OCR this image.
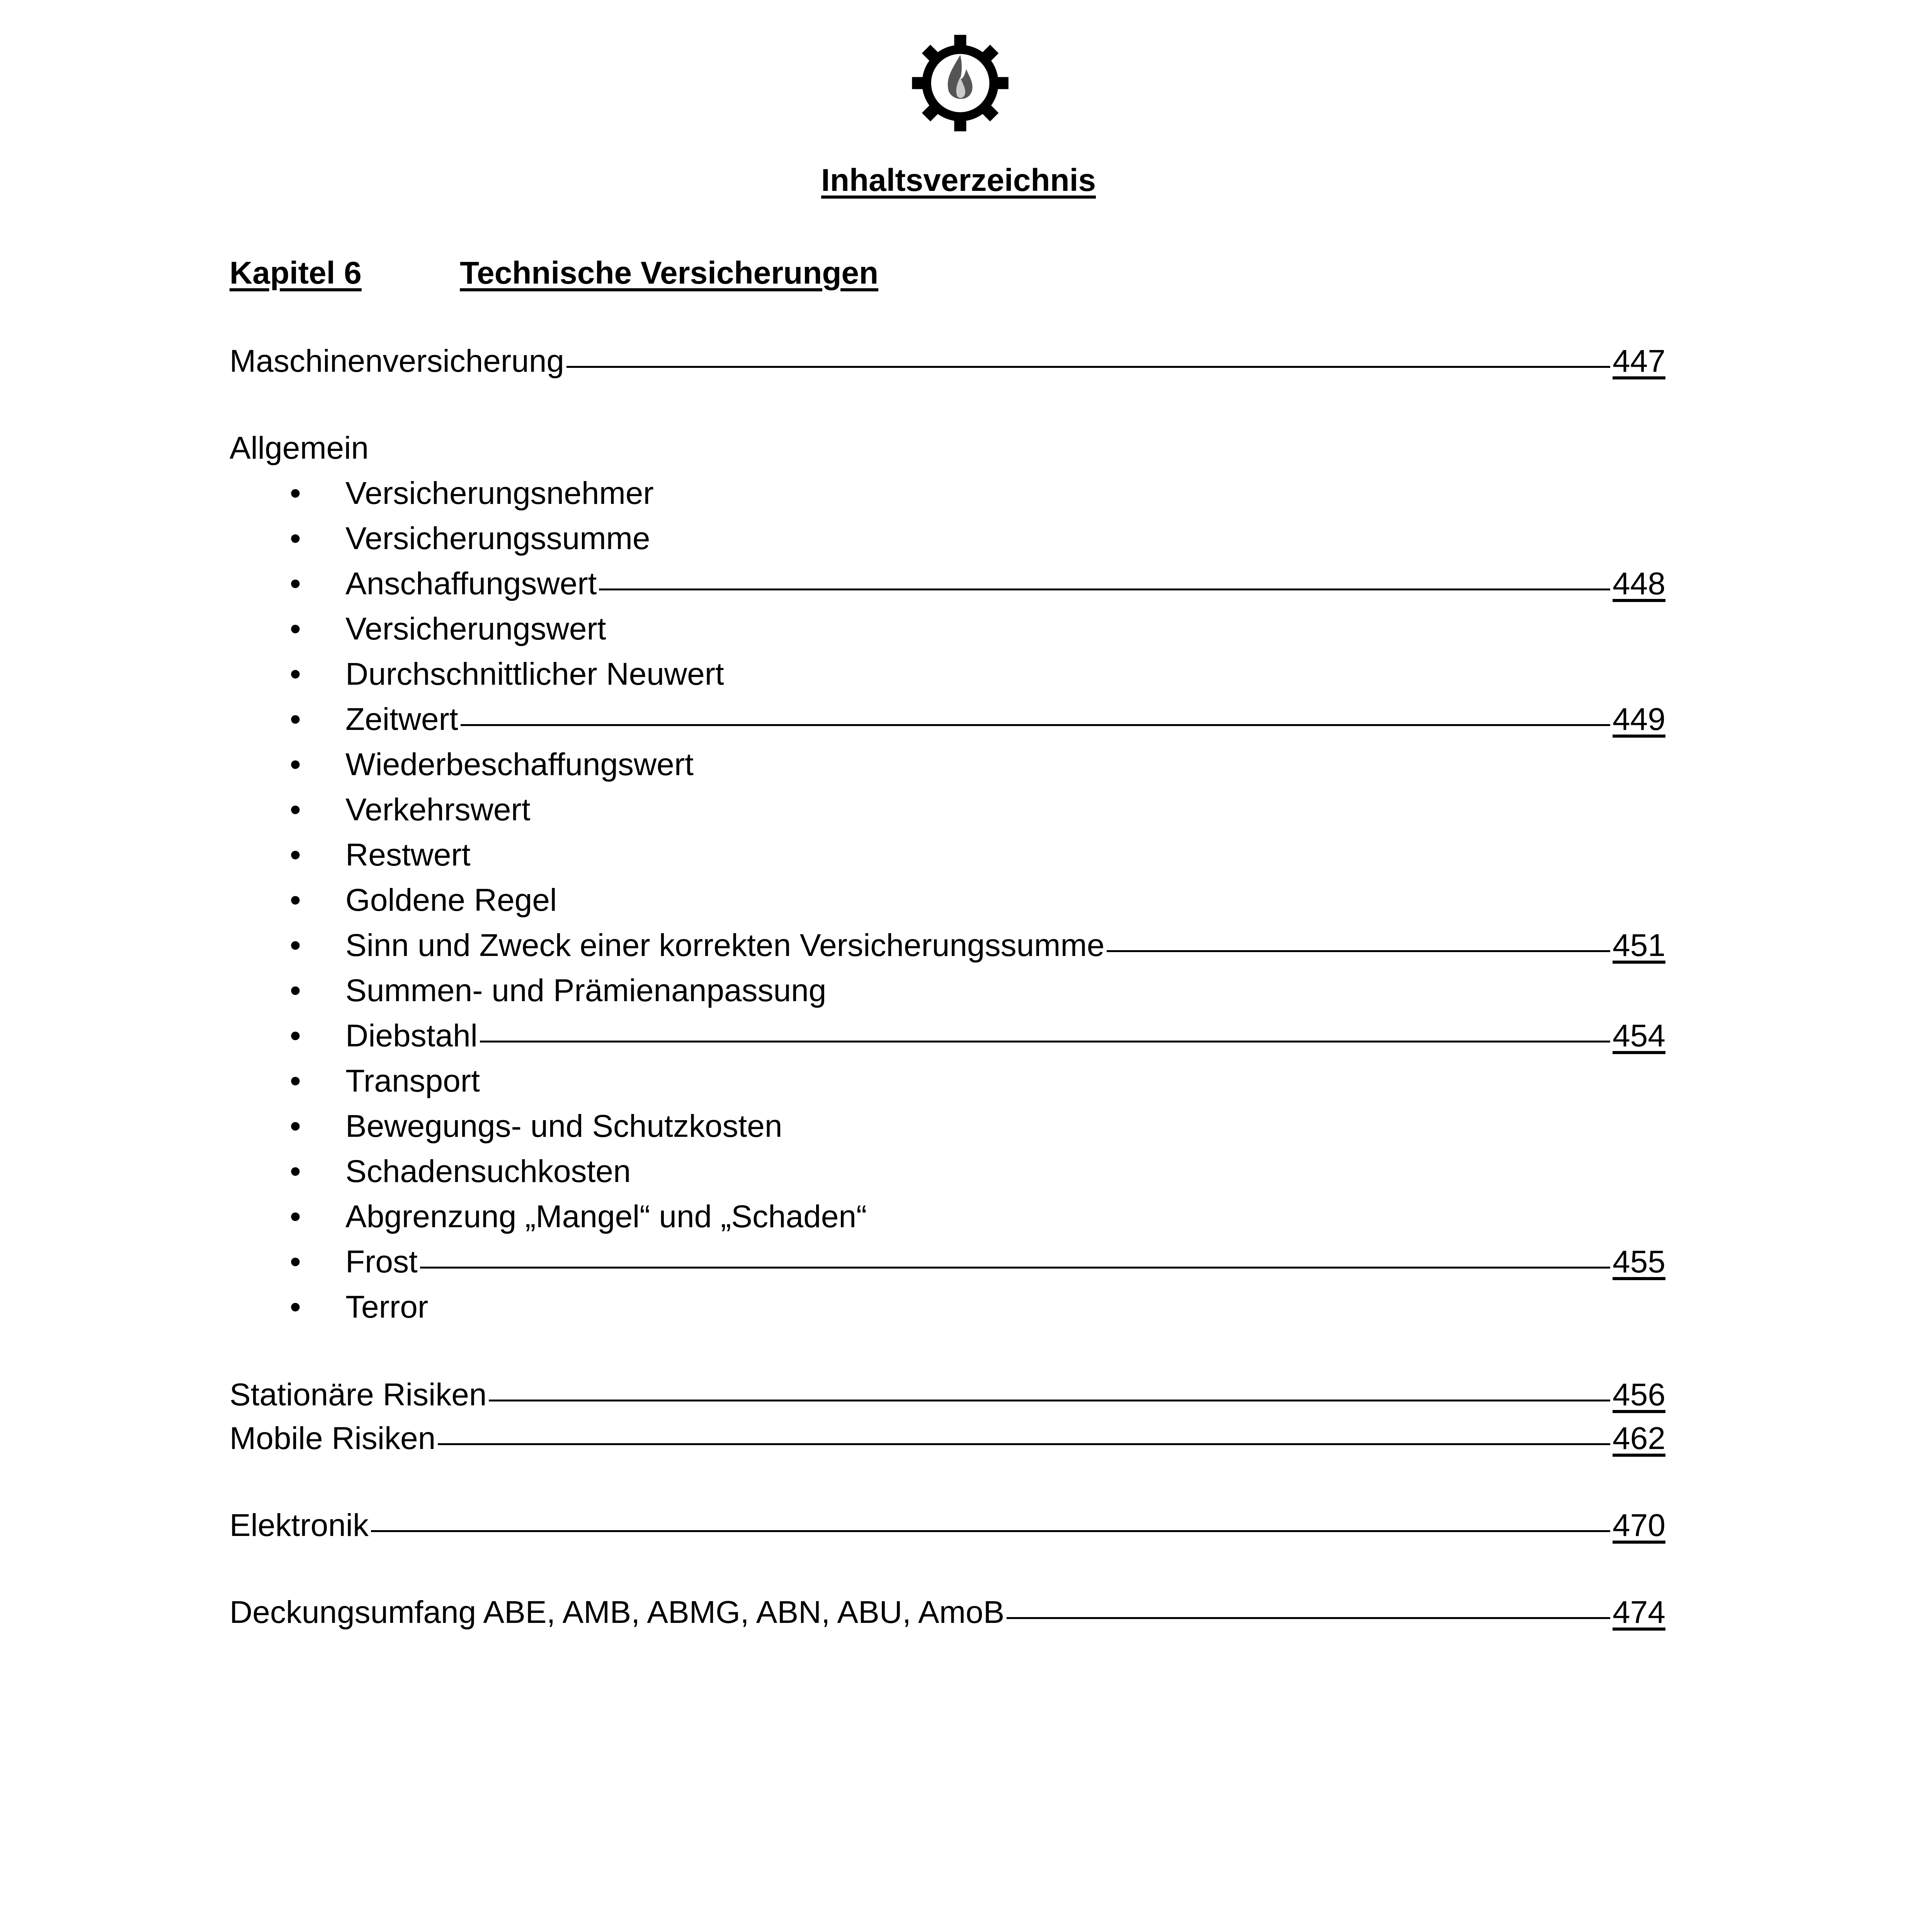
Inhaltsverzeichnis
Kapitel 6	Technische Versicherungen
Maschinenversicherung	447
Allgemein
• Versicherungsnehmer
• Versicherungssumme
• Anschaffungswert	448
• Versicherungswert
• Durchschnittlicher Neuwert
• Zeitwert	449
• Wiederbeschaffungswert
• Verkehrswert
• Restwert
• Goldene Regel
• Sinn und Zweck einer korrekten Versicherungssumme	451
• Summen- und Prämienanpassung
• Diebstahl	454
• Transport
• Bewegungs- und Schutzkosten
• Schadensuchkosten
• Abgrenzung „Mangel“ und „Schaden“
• Frost	455
• Terror
Stationäre Risiken	456
Mobile Risiken	462
Elektronik	470
Deckungsumfang ABE, AMB, ABMG, ABN, ABU, AmoB	474
